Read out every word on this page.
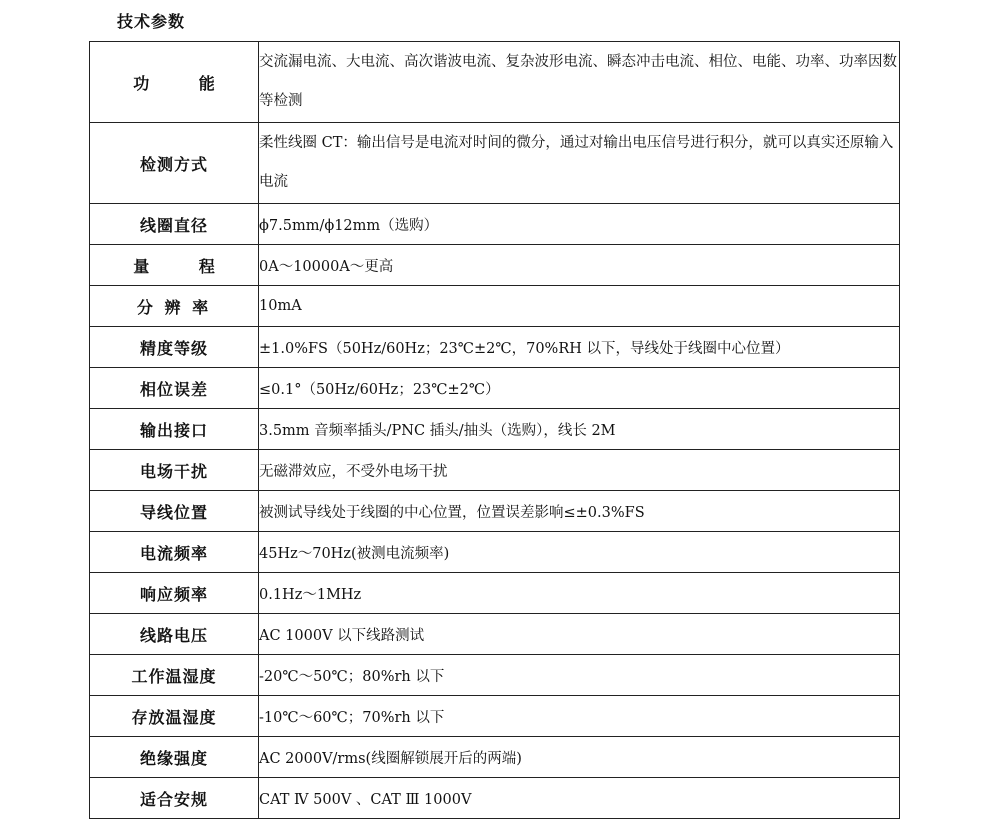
技术参数
功 能	交流漏电流、大电流、高次谐波电流、复杂波形电流、瞬态冲击电流、相位、电能、功率、功率因数等检测
检测方式	柔性线圈 CT：输出信号是电流对时间的微分，通过对输出电压信号进行积分，就可以真实还原输入电流
线圈直径	ϕ7.5mm/ϕ12mm（选购）
量 程	0A～10000A～更高
分 辨 率	10mA
精度等级	±1.0%FS（50Hz/60Hz；23℃±2℃，70%RH 以下，导线处于线圈中心位置）
相位误差	≤0.1°（50Hz/60Hz；23℃±2℃）
输出接口	3.5mm 音频率插头/PNC 插头/抽头（选购），线长 2M
电场干扰	无磁滞效应，不受外电场干扰
导线位置	被测试导线处于线圈的中心位置，位置误差影响≤±0.3%FS
电流频率	45Hz～70Hz(被测电流频率)
响应频率	0.1Hz～1MHz
线路电压	AC 1000V 以下线路测试
工作温湿度	-20℃～50℃；80%rh 以下
存放温湿度	-10℃～60℃；70%rh 以下
绝缘强度	AC 2000V/rms(线圈解锁展开后的两端)
适合安规	CAT Ⅳ 500V 、CAT Ⅲ 1000V
